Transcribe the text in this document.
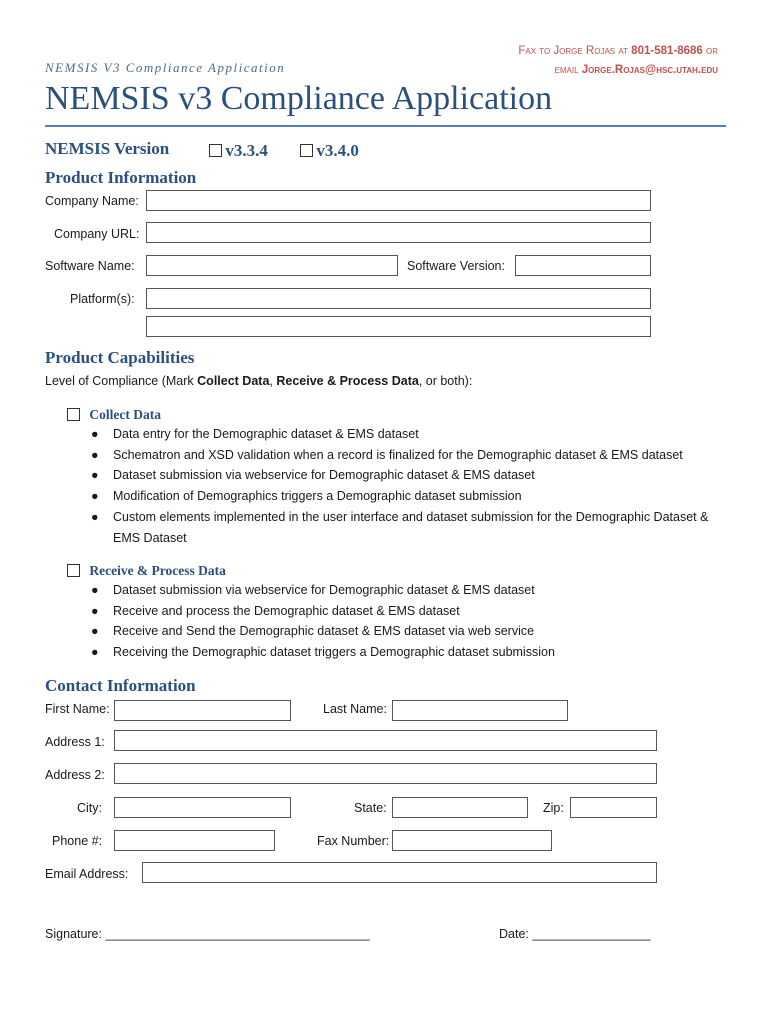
Fax to Jorge Rojas at 801-581-8686 or
email Jorge.Rojas@hsc.utah.edu
NEMSIS V3 Compliance Application
NEMSIS v3 Compliance Application
NEMSIS Version	v3.3.4	v3.4.0
Product Information
Company Name:
Company URL:
Software Name:	Software Version:
Platform(s):
Product Capabilities
Level of Compliance (Mark Collect Data, Receive & Process Data, or both):
Collect Data
● Data entry for the Demographic dataset & EMS dataset
● Schematron and XSD validation when a record is finalized for the Demographic dataset & EMS dataset
● Dataset submission via webservice for Demographic dataset & EMS dataset
● Modification of Demographics triggers a Demographic dataset submission
● Custom elements implemented in the user interface and dataset submission for the Demographic Dataset & EMS Dataset
Receive & Process Data
● Dataset submission via webservice for Demographic dataset & EMS dataset
● Receive and process the Demographic dataset & EMS dataset
● Receive and Send the Demographic dataset & EMS dataset via web service
● Receiving the Demographic dataset triggers a Demographic dataset submission
Contact Information
First Name:	Last Name:
Address 1:
Address 2:
City:	State:	Zip:
Phone #:	Fax Number:
Email Address:
Signature: ______________________________________	Date: _________________
